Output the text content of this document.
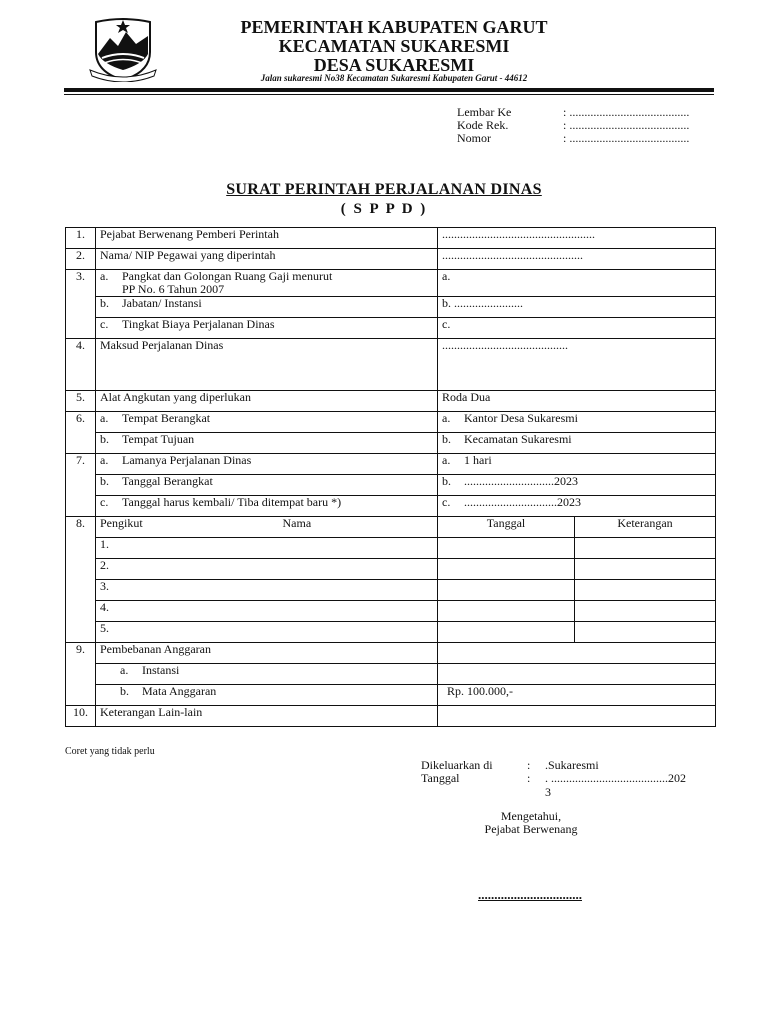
PEMERINTAH KABUPATEN GARUT
KECAMATAN SUKARESMI
DESA SUKARESMI
Jalan sukaresmi No38 Kecamatan Sukaresmi Kabupaten Garut - 44612
Lembar Ke	: ........................................
Kode Rek.	: ........................................
Nomor	: ........................................
SURAT PERINTAH PERJALANAN DINAS
( S P P D )
1.	Pejabat Berwenang Pemberi Perintah	...................................................	
2.	Nama/ NIP Pegawai yang diperintah	...............................................	
3.	a. Pangkat dan Golongan Ruang Gaji menurut
PP No. 6 Tahun 2007	a.	
	b. Jabatan/ Instansi	b. .......................	
	c. Tingkat Biaya Perjalanan Dinas	c.	
4.	Maksud Perjalanan Dinas	..........................................	
5.	Alat Angkutan yang diperlukan	Roda Dua	
6.	a. Tempat Berangkat	a. Kantor Desa Sukaresmi	
	b. Tempat Tujuan	b. Kecamatan Sukaresmi	
7.	a. Lamanya Perjalanan Dinas	a. 1 hari	
	b. Tanggal Berangkat	b. ..............................2023	
	c. Tanggal harus kembali/ Tiba ditempat baru *)	c. ...............................2023	
8.	Pengikut Nama	Tanggal	Keterangan
	1.		
	2.		
	3.		
	4.		
	5.		
9.	Pembebanan Anggaran		
	a. Instansi		
	b. Mata Anggaran	Rp. 100.000,-	
10.	Keterangan Lain-lain		
Coret yang tidak perlu
Dikeluarkan di	:	.Sukaresmi
Tanggal	:	. .......................................202
3
Mengetahui,
Pejabat Berwenang
................................
